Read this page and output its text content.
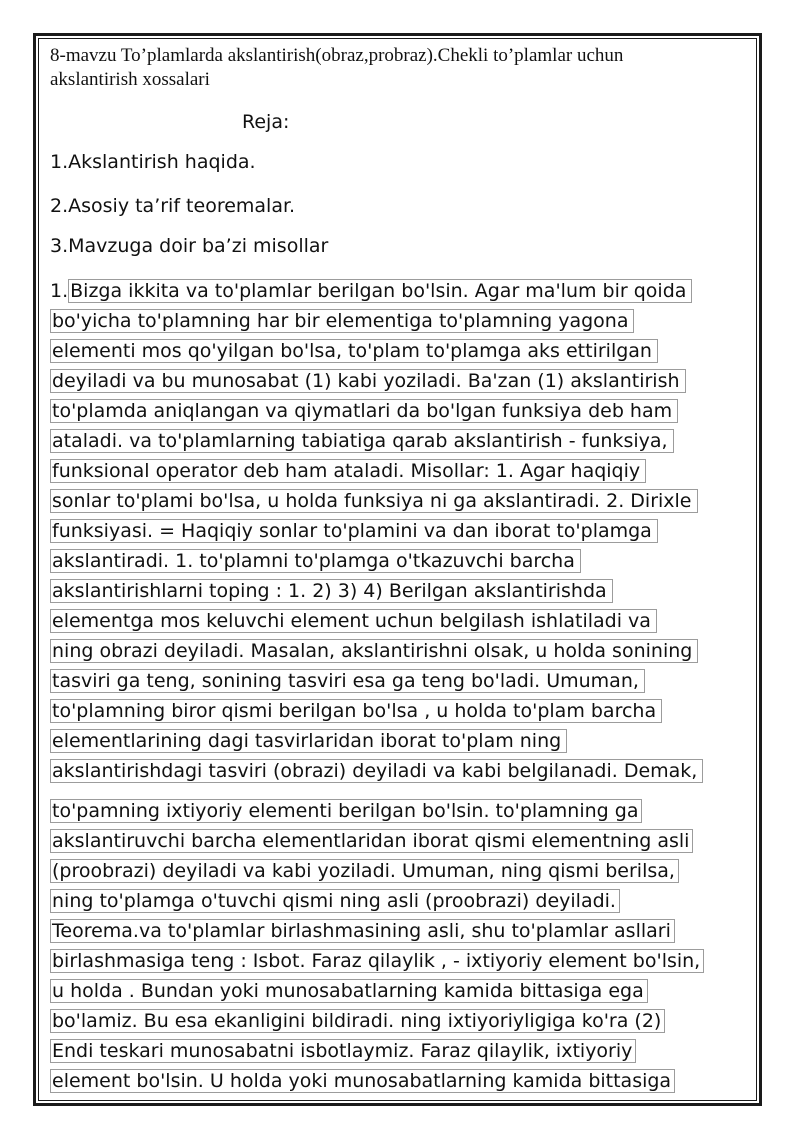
8-mavzu To’plamlarda akslantirish(obraz,probraz).Chekli to’plamlar uchun
akslantirish xossalari
Reja:
1.Akslantirish haqida.
2.Asosiy ta’rif teoremalar.
3.Mavzuga doir ba’zi misollar
1. Bizga ikkita va to'plamlar berilgan bo'lsin. Agar ma'lum bir qoida
bo'yicha to'plamning har bir elementiga to'plamning yagona
elementi mos qo'yilgan bo'lsa, to'plam to'plamga aks ettirilgan
deyiladi va bu munosabat (1) kabi yoziladi. Ba'zan (1) akslantirish
to'plamda aniqlangan va qiymatlari da bo'lgan funksiya deb ham
ataladi. va to'plamlarning tabiatiga qarab akslantirish - funksiya,
funksional operator deb ham ataladi. Misollar: 1. Agar haqiqiy
sonlar to'plami bo'lsa, u holda funksiya ni ga akslantiradi. 2. Dirixle
funksiyasi. = Haqiqiy sonlar to'plamini va dan iborat to'plamga
akslantiradi. 1. to'plamni to'plamga o'tkazuvchi barcha
akslantirishlarni toping : 1. 2) 3) 4) Berilgan akslantirishda
elementga mos keluvchi element uchun belgilash ishlatiladi va
ning obrazi deyiladi. Masalan, akslantirishni olsak, u holda sonining
tasviri ga teng, sonining tasviri esa ga teng bo'ladi. Umuman,
to'plamning biror qismi berilgan bo'lsa , u holda to'plam barcha
elementlarining dagi tasvirlaridan iborat to'plam ning
akslantirishdagi tasviri (obrazi) deyiladi va kabi belgilanadi. Demak,
to'pamning ixtiyoriy elementi berilgan bo'lsin. to'plamning ga
akslantiruvchi barcha elementlaridan iborat qismi elementning asli
(proobrazi) deyiladi va kabi yoziladi. Umuman, ning qismi berilsa,
ning to'plamga o'tuvchi qismi ning asli (proobrazi) deyiladi.
Teorema.va to'plamlar birlashmasining asli, shu to'plamlar asllari
birlashmasiga teng : Isbot. Faraz qilaylik , - ixtiyoriy element bo'lsin,
u holda . Bundan yoki munosabatlarning kamida bittasiga ega
bo'lamiz. Bu esa ekanligini bildiradi. ning ixtiyoriyligiga ko'ra (2)
Endi teskari munosabatni isbotlaymiz. Faraz qilaylik, ixtiyoriy
element bo'lsin. U holda yoki munosabatlarning kamida bittasiga
